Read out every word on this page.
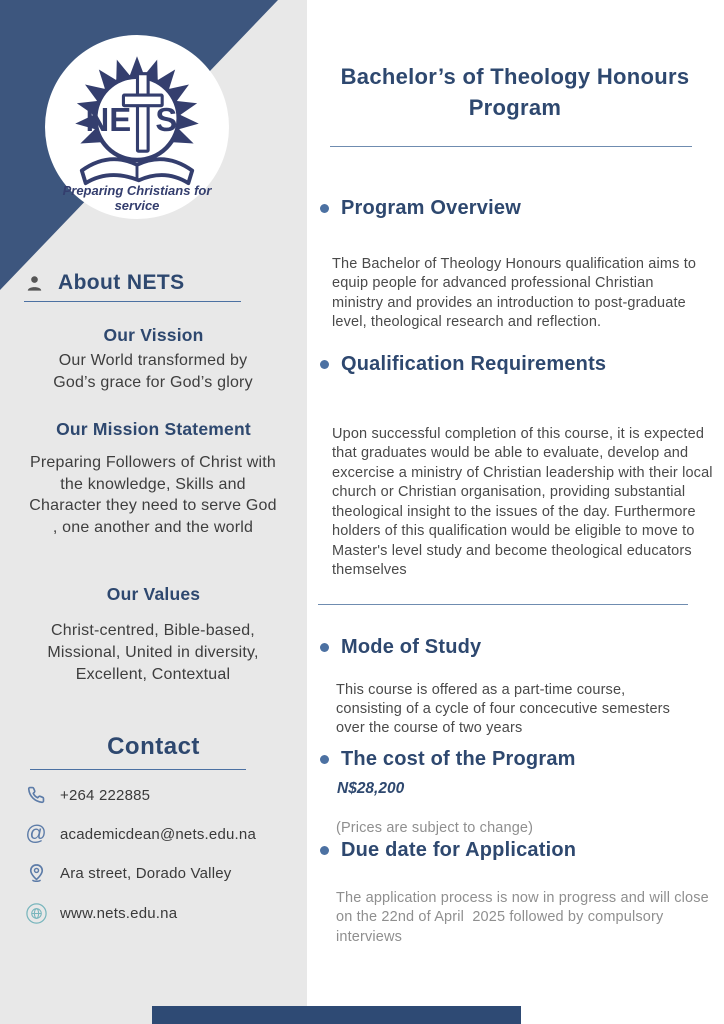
NE S
Preparing Christians for service
About NETS
Our Vission
Our World transformed by God’s grace for God’s glory
Our Mission Statement
Preparing Followers of Christ with the knowledge, Skills and Character they need to serve God , one another and the world
Our Values
Christ-centred, Bible-based, Missional, United in diversity, Excellent, Contextual
Contact
+264 222885
@ academicdean@nets.edu.na
Ara street, Dorado Valley
www.nets.edu.na
Bachelor’s of Theology Honours Program
Program Overview

The Bachelor of Theology Honours qualification aims to equip people for advanced professional Christian ministry and provides an introduction to post-graduate level, theological research and reflection.

Qualification Requirements

Upon successful completion of this course, it is expected that graduates would be able to evaluate, develop and excercise a ministry of Christian leadership with their local church or Christian organisation, providing substantial theological insight to the issues of the day. Furthermore holders of this qualification would be eligible to move to Master's level study and become theological educators themselves

Mode of Study

This course is offered as a part-time course, consisting of a cycle of four concecutive semesters over the course of two years

The cost of the Program
N$28,200

(Prices are subject to change)

Due date for Application

The application process is now in progress and will close  on the 22nd of April  2025 followed by compulsory interviews
